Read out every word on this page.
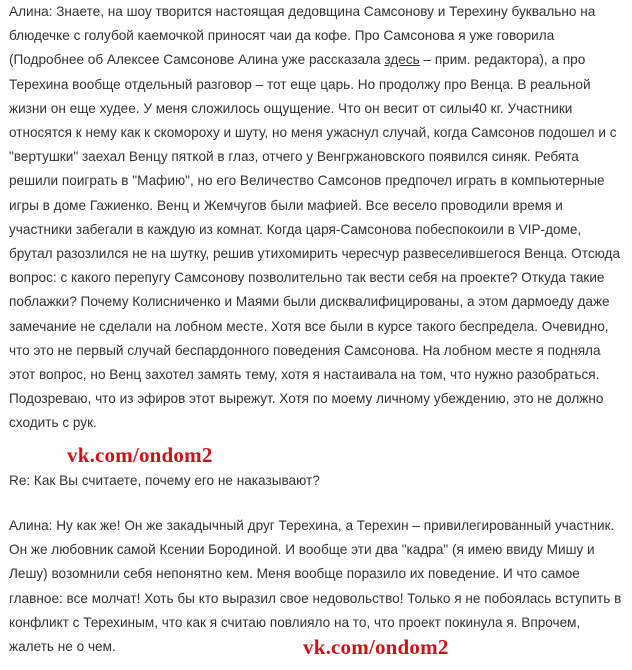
Алина: Знаете, на шоу творится настоящая дедовщина Самсонову и Терехину буквально на блюдечке с голубой каемочкой приносят чаи да кофе. Про Самсонова я уже говорила (Подробнее об Алексее Самсонове Алина уже рассказала здесь – прим. редактора), а про Терехина вообще отдельный разговор – тот еще царь. Но продолжу про Венца. В реальной жизни он еще худее. У меня сложилось ощущение. Что он весит от силы40 кг. Участники относятся к нему как к скомороху и шуту, но меня ужаснул случай, когда Самсонов подошел и с "вертушки" заехал Венцу пяткой в глаз, отчего у Венгржановского появился синяк. Ребята решили поиграть в "Мафию", но его Величество Самсонов предпочел играть в компьютерные игры в доме Гажиенко. Венц и Жемчугов были мафией. Все весело проводили время и участники забегали в каждую из комнат. Когда царя-Самсонова побеспокоили в VIP-доме, брутал разозлился не на шутку, решив утихомирить чересчур развеселившегося Венца. Отсюда вопрос: с какого перепугу Самсонову позволительно так вести себя на проекте? Откуда такие поблажки? Почему Колисниченко и Маями были дисквалифицированы, а этом дармоеду даже замечание не сделали на лобном месте. Хотя все были в курсе такого беспредела. Очевидно, что это не первый случай беспардонного поведения Самсонова. На лобном месте я подняла этот вопрос, но Венц захотел замять тему, хотя я настаивала на том, что нужно разобраться. Подозреваю, что из эфиров этот вырежут. Хотя по моему личному убеждению, это не должно сходить с рук.

vk.com/ondom2

Re: Как Вы считаете, почему его не наказывают?

Алина: Ну как же! Он же закадычный друг Терехина, а Терехин – привилегированный участник. Он же любовник самой Ксении Бородиной. И вообще эти два "кадра" (я имею ввиду Мишу и Лешу) возомнили себя непонятно кем. Меня вообще поразило их поведение. И что самое главное: все молчат! Хоть бы кто выразил свое недовольство! Только я не побоялась вступить в конфликт с Терехиным, что как я считаю повлияло на то, что проект покинула я. Впрочем, жалеть не о чем.	vk.com/ondom2
